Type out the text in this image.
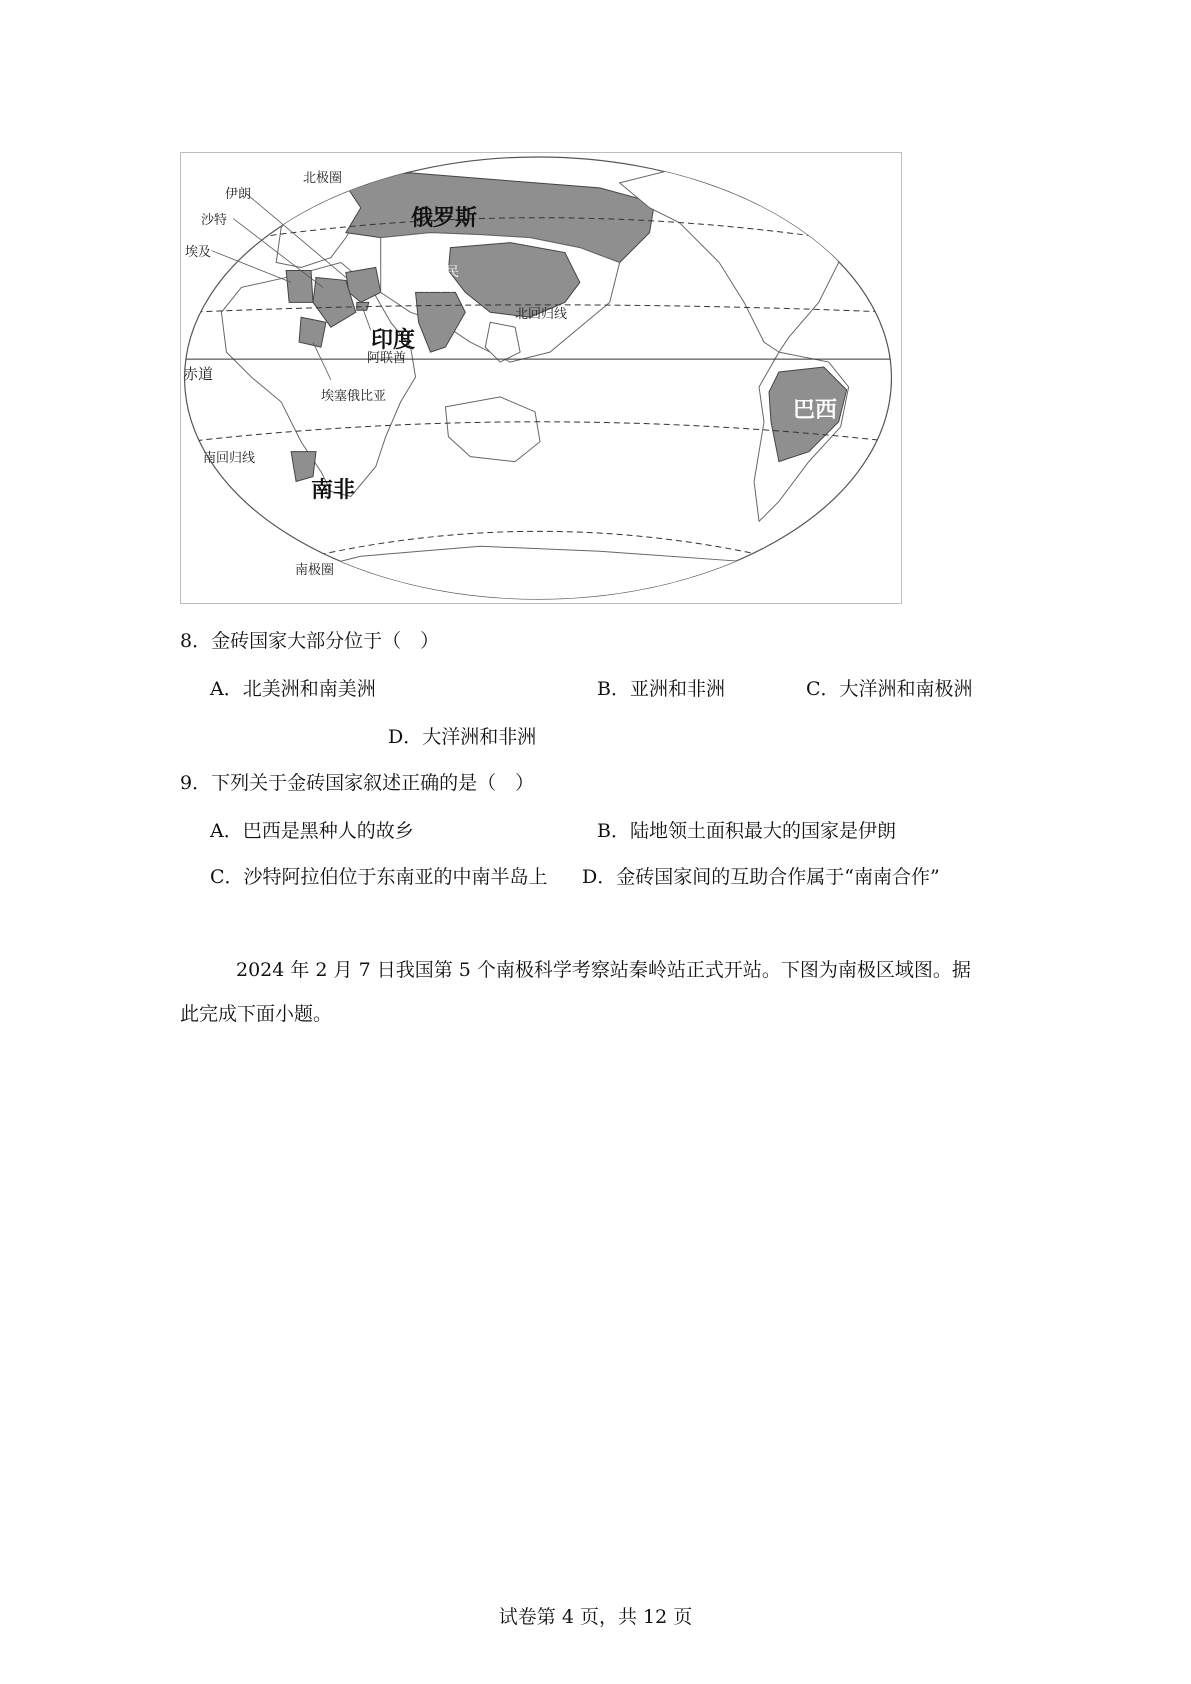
北极圈
伊朗
沙特
埃及
俄罗斯
中华人民
共和国
北回归线
印度
阿联酋
赤道
埃塞俄比亚
巴西
南回归线
南非
南极圈
8．金砖国家大部分位于（　）
A．北美洲和南美洲	B．亚洲和非洲	C．大洋洲和南极洲
D．大洋洲和非洲
9．下列关于金砖国家叙述正确的是（　）
A．巴西是黑种人的故乡	B．陆地领土面积最大的国家是伊朗
C．沙特阿拉伯位于东南亚的中南半岛上 D．金砖国家间的互助合作属于“南南合作”
2024 年 2 月 7 日我国第 5 个南极科学考察站秦岭站正式开站。下图为南极区域图。据
此完成下面小题。
试卷第 4 页，共 12 页
